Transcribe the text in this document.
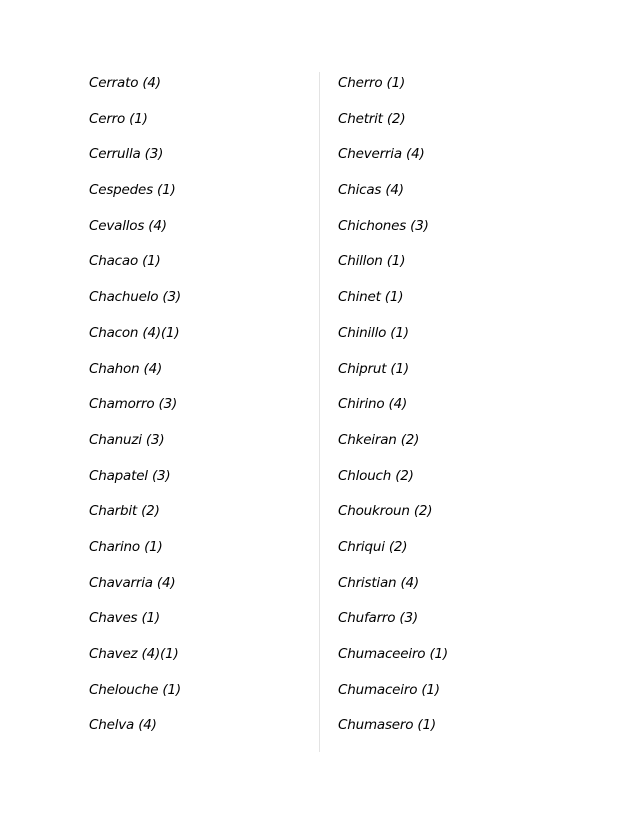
Cerrato (4)
Cerro (1)
Cerrulla (3)
Cespedes (1)
Cevallos (4)
Chacao (1)
Chachuelo (3)
Chacon (4)(1)
Chahon (4)
Chamorro (3)
Chanuzi (3)
Chapatel (3)
Charbit (2)
Charino (1)
Chavarria (4)
Chaves (1)
Chavez (4)(1)
Chelouche (1)
Chelva (4)
Cherro (1)
Chetrit (2)
Cheverria (4)
Chicas (4)
Chichones (3)
Chillon (1)
Chinet (1)
Chinillo (1)
Chiprut (1)
Chirino (4)
Chkeiran (2)
Chlouch (2)
Choukroun (2)
Chriqui (2)
Christian (4)
Chufarro (3)
Chumaceeiro (1)
Chumaceiro (1)
Chumasero (1)
